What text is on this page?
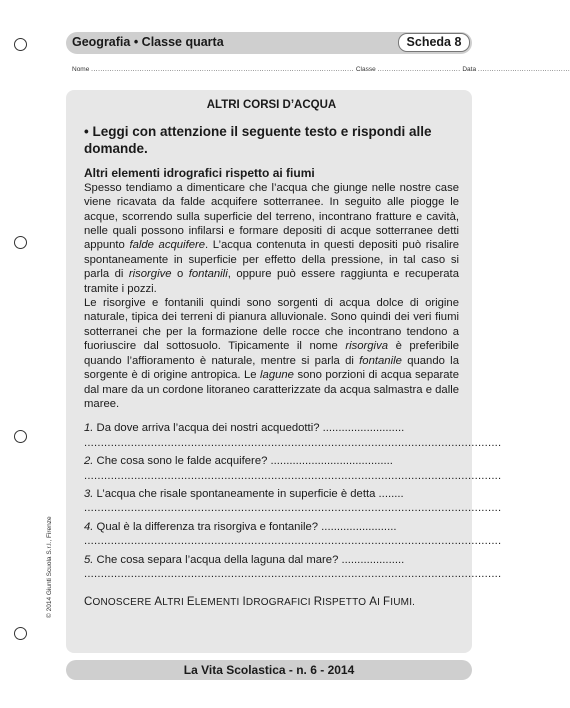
Geografia • Classe quarta	Scheda 8
Nome .................................................................................................................. Classe .................................... Data ........................................
ALTRI CORSI D’ACQUA
• Leggi con attenzione il seguente testo e rispondi alle domande.
Altri elementi idrografici rispetto ai fiumi
Spesso tendiamo a dimenticare che l’acqua che giunge nelle nostre case viene ricavata da falde acquifere sotterranee. In seguito alle piogge le acque, scorrendo sulla superficie del terreno, incontrano fratture e cavità, nelle quali possono infilarsi e formare depositi di acque sotterranee detti appunto falde acquifere. L’acqua contenuta in questi depositi può risalire spontaneamente in superficie per effetto della pressione, in tal caso si parla di risorgive o fontanili, oppure può essere raggiunta e recuperata tramite i pozzi.
Le risorgive e fontanili quindi sono sorgenti di acqua dolce di origine naturale, tipica dei terreni di pianura alluvionale. Sono quindi dei veri fiumi sotterranei che per la formazione delle rocce che incontrano tendono a fuoriuscire dal sottosuolo. Tipicamente il nome risorgiva è preferibile quando l’affioramento è naturale, mentre si parla di fontanile quando la sorgente è di origine antropica. Le lagune sono porzioni di acqua separate dal mare da un cordone litoraneo caratterizzate da acqua salmastra e dalle maree.
1. Da dove arriva l’acqua dei nostri acquedotti? ..........................
.............................................................................................................................
2. Che cosa sono le falde acquifere? .......................................
.............................................................................................................................
3. L’acqua che risale spontaneamente in superficie è detta ........
.............................................................................................................................
4. Qual è la differenza tra risorgiva e fontanile? ........................
.............................................................................................................................
5. Che cosa separa l’acqua della laguna dal mare? ....................
.............................................................................................................................
CONOSCERE ALTRI ELEMENTI IDROGRAFICI RISPETTO AI FIUMI.
© 2014 Giunti Scuola S.r.l., Firenze
La Vita Scolastica - n. 6 - 2014
